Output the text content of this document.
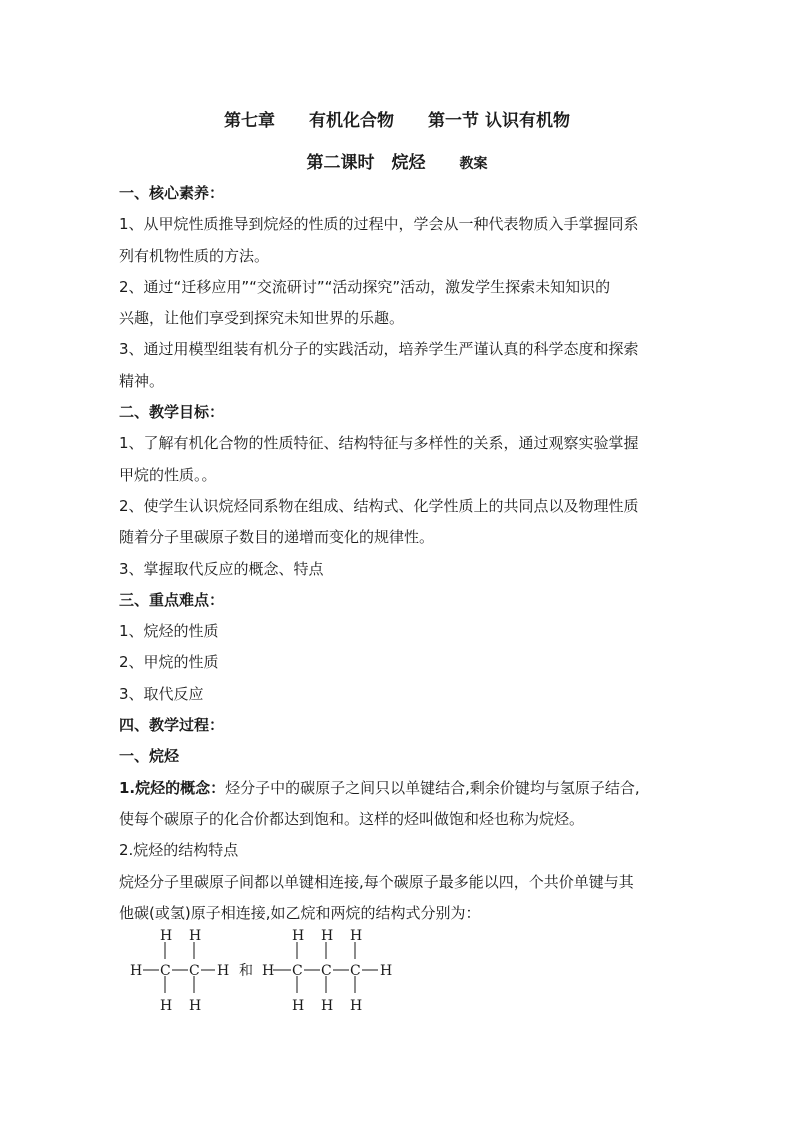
第七章　　有机化合物　　第一节 认识有机物
第二课时　烷烃　　教案

一、核心素养：

1、从甲烷性质推导到烷烃的性质的过程中，学会从一种代表物质入手掌握同系

列有机物性质的方法。

2、通过“迁移应用”“交流研讨”“活动探究”活动，激发学生探索未知知识的

兴趣，让他们享受到探究未知世界的乐趣。

3、通过用模型组装有机分子的实践活动，培养学生严谨认真的科学态度和探索

精神。

二、教学目标：

1、了解有机化合物的性质特征、结构特征与多样性的关系，通过观察实验掌握

甲烷的性质。。

2、使学生认识烷烃同系物在组成、结构式、化学性质上的共同点以及物理性质

随着分子里碳原子数目的递增而变化的规律性。

3、掌握取代反应的概念、特点

三、重点难点：

1、烷烃的性质

2、甲烷的性质

3、取代反应

四、教学过程：

一、烷烃

1.烷烃的概念：烃分子中的碳原子之间只以单键结合,剩余价键均与氢原子结合,

使每个碳原子的化合价都达到饱和。这样的烃叫做饱和烃也称为烷烃。

2.烷烃的结构特点

烷烃分子里碳原子间都以单键相连接,每个碳原子最多能以四，个共价单键与其

他碳(或氢)原子相连接,如乙烷和两烷的结构式分别为：

H H
H C C H
H H
和
H H H
H C C C H
H H H
